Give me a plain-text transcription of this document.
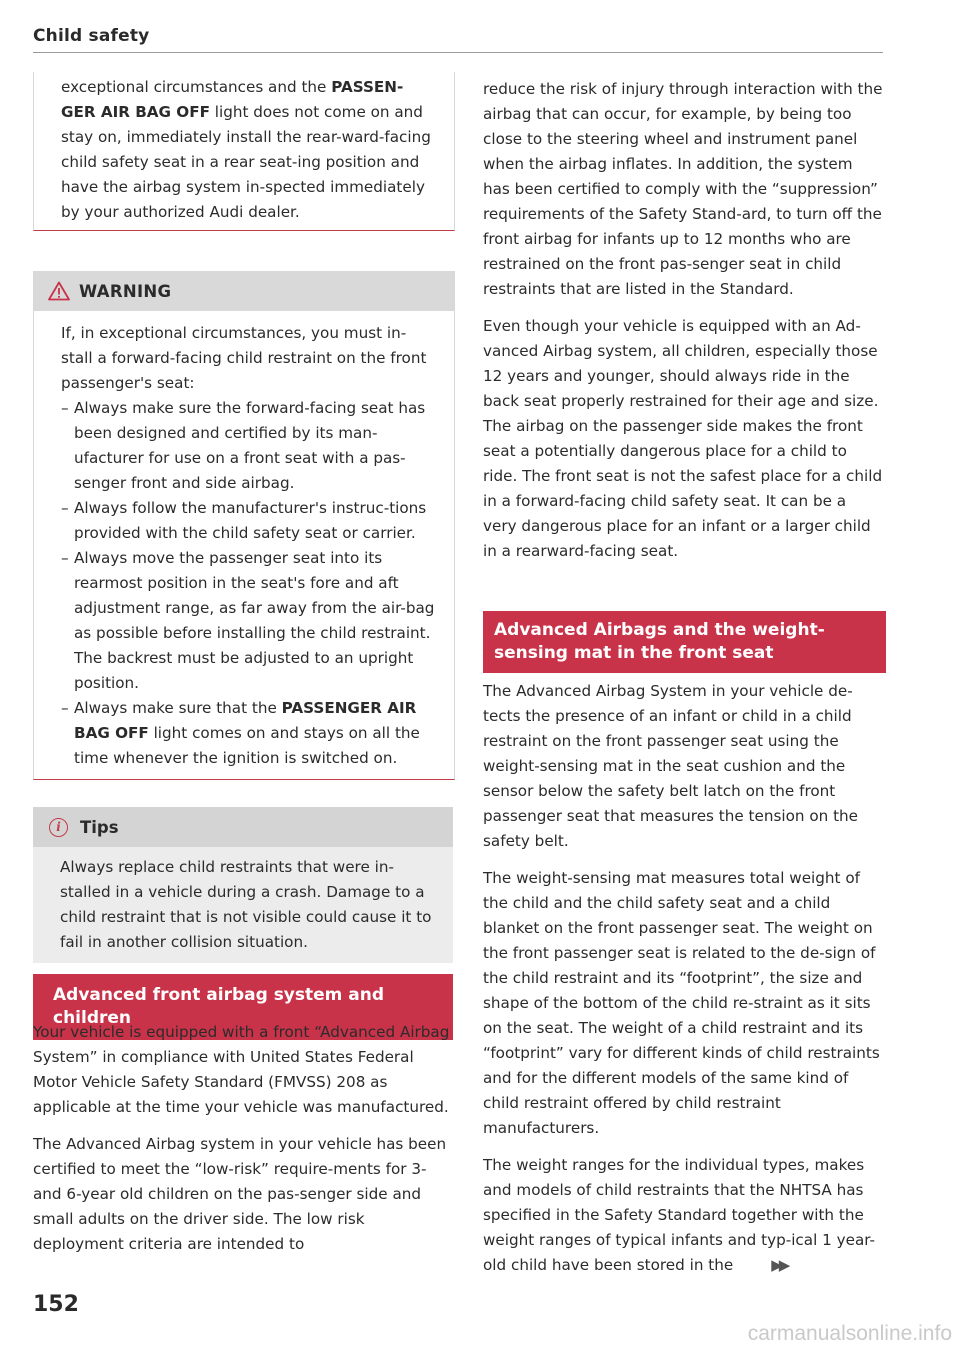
Child safety
exceptional circumstances and the PASSEN-GER AIR BAG OFF light does not come on and stay on, immediately install the rear-ward-facing child safety seat in a rear seat-ing position and have the airbag system in-spected immediately by your authorized Audi dealer.
WARNING
If, in exceptional circumstances, you must in-stall a forward-facing child restraint on the front passenger's seat:
– Always make sure the forward-facing seat has been designed and certified by its man-ufacturer for use on a front seat with a pas-senger front and side airbag.
– Always follow the manufacturer's instruc-tions provided with the child safety seat or carrier.
– Always move the passenger seat into its rearmost position in the seat's fore and aft adjustment range, as far away from the air-bag as possible before installing the child restraint. The backrest must be adjusted to an upright position.
– Always make sure that the PASSENGER AIR BAG OFF light comes on and stays on all the time whenever the ignition is switched on.
i	Tips
Always replace child restraints that were in-stalled in a vehicle during a crash. Damage to a child restraint that is not visible could cause it to fail in another collision situation.
Advanced front airbag system and children

Your vehicle is equipped with a front “Advanced Airbag System” in compliance with United States Federal Motor Vehicle Safety Standard (FMVSS) 208 as applicable at the time your vehicle was manufactured.

The Advanced Airbag system in your vehicle has been certified to meet the “low-risk” require-ments for 3- and 6-year old children on the pas-senger side and small adults on the driver side. The low risk deployment criteria are intended to

reduce the risk of injury through interaction with the airbag that can occur, for example, by being too close to the steering wheel and instrument panel when the airbag inflates. In addition, the system has been certified to comply with the “suppression” requirements of the Safety Stand-ard, to turn off the front airbag for infants up to 12 months who are restrained on the front pas-senger seat in child restraints that are listed in the Standard.

Even though your vehicle is equipped with an Ad-vanced Airbag system, all children, especially those 12 years and younger, should always ride in the back seat properly restrained for their age and size. The airbag on the passenger side makes the front seat a potentially dangerous place for a child to ride. The front seat is not the safest place for a child in a forward-facing child safety seat. It can be a very dangerous place for an infant or a larger child in a rearward-facing seat.

Advanced Airbags and the weight-sensing mat in the front seat

The Advanced Airbag System in your vehicle de-tects the presence of an infant or child in a child restraint on the front passenger seat using the weight-sensing mat in the seat cushion and the sensor below the safety belt latch on the front passenger seat that measures the tension on the safety belt.

The weight-sensing mat measures total weight of the child and the child safety seat and a child blanket on the front passenger seat. The weight on the front passenger seat is related to the de-sign of the child restraint and its “footprint”, the size and shape of the bottom of the child re-straint as it sits on the seat. The weight of a child restraint and its “footprint” vary for different kinds of child restraints and for the different models of the same kind of child restraint offered by child restraint manufacturers.

The weight ranges for the individual types, makes and models of child restraints that the NHTSA has specified in the Safety Standard together with the weight ranges of typical infants and typ-ical 1 year-old child have been stored in the	▶▶

152
carmanualsonline.info
